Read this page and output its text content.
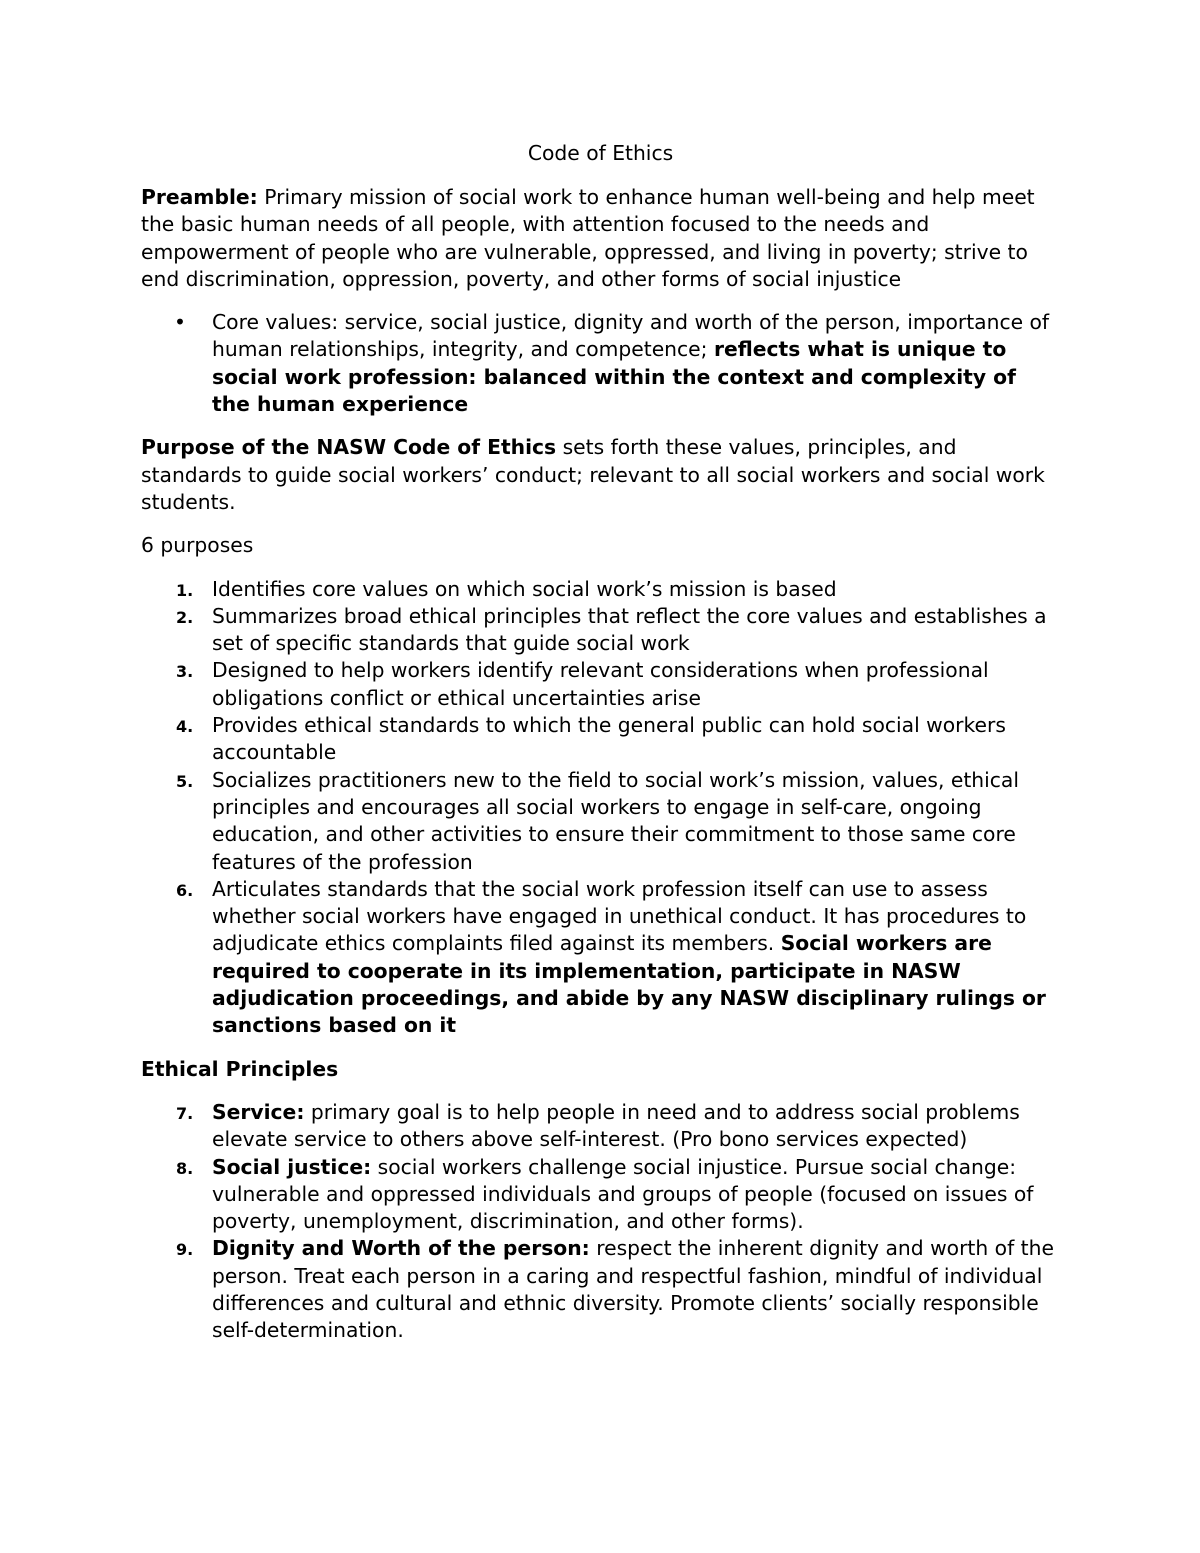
Code of Ethics

Preamble: Primary mission of social work to enhance human well-being and help meet the basic human needs of all people, with attention focused to the needs and empowerment of people who are vulnerable, oppressed, and living in poverty; strive to end discrimination, oppression, poverty, and other forms of social injustice

• Core values: service, social justice, dignity and worth of the person, importance of human relationships, integrity, and competence; reflects what is unique to social work profession: balanced within the context and complexity of the human experience

Purpose of the NASW Code of Ethics sets forth these values, principles, and standards to guide social workers’ conduct; relevant to all social workers and social work students.

6 purposes

1. Identifies core values on which social work’s mission is based
2. Summarizes broad ethical principles that reflect the core values and establishes a set of specific standards that guide social work
3. Designed to help workers identify relevant considerations when professional obligations conflict or ethical uncertainties arise
4. Provides ethical standards to which the general public can hold social workers accountable
5. Socializes practitioners new to the field to social work’s mission, values, ethical principles and encourages all social workers to engage in self-care, ongoing education, and other activities to ensure their commitment to those same core features of the profession
6. Articulates standards that the social work profession itself can use to assess whether social workers have engaged in unethical conduct. It has procedures to adjudicate ethics complaints filed against its members. Social workers are required to cooperate in its implementation, participate in NASW adjudication proceedings, and abide by any NASW disciplinary rulings or sanctions based on it

Ethical Principles

7. Service: primary goal is to help people in need and to address social problems elevate service to others above self-interest. (Pro bono services expected)
8. Social justice: social workers challenge social injustice. Pursue social change: vulnerable and oppressed individuals and groups of people (focused on issues of poverty, unemployment, discrimination, and other forms).
9. Dignity and Worth of the person: respect the inherent dignity and worth of the person. Treat each person in a caring and respectful fashion, mindful of individual differences and cultural and ethnic diversity. Promote clients’ socially responsible self-determination.
